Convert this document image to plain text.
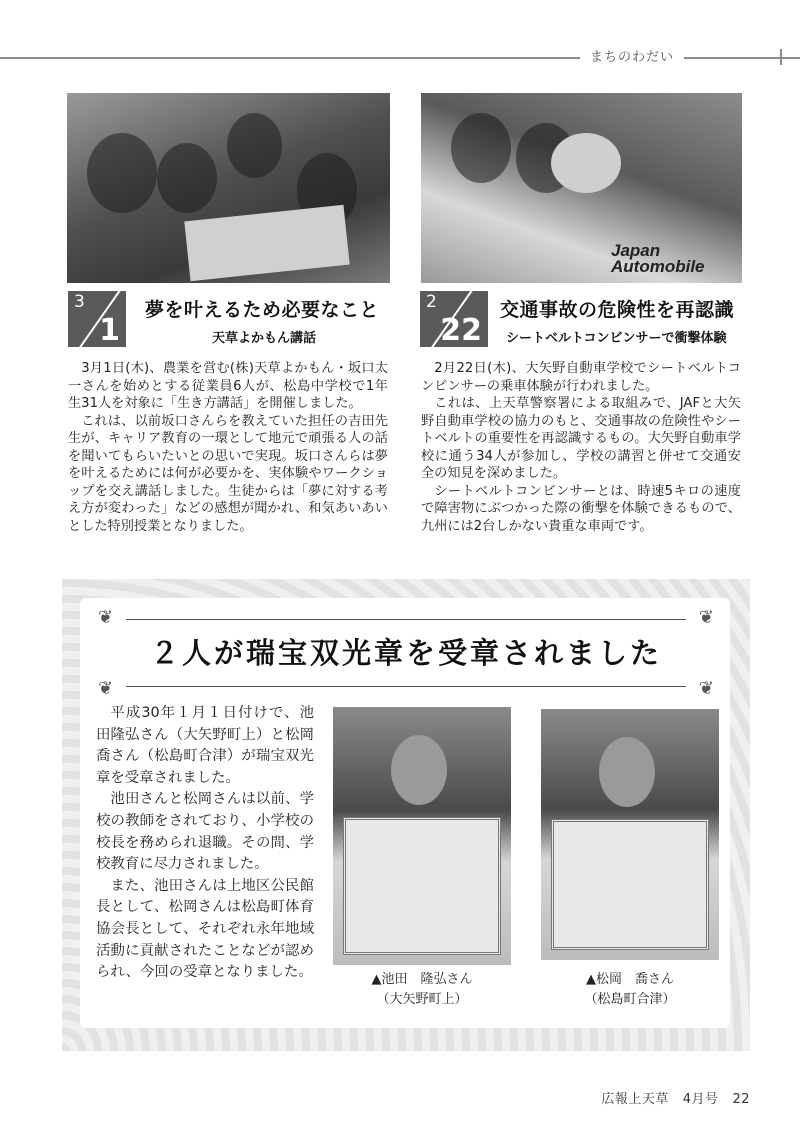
まちのわだい
Japan
Automobile
3
1
夢を叶えるため必要なこと
天草よかもん講話
2
22
交通事故の危険性を再認識
シートベルトコンビンサーで衝撃体験

3月1日(木)、農業を営む(株)天草よかもん・坂口太一さんを始めとする従業員6人が、松島中学校で1年生31人を対象に「生き方講話」を開催しました。

これは、以前坂口さんらを教えていた担任の吉田先生が、キャリア教育の一環として地元で頑張る人の話を聞いてもらいたいとの思いで実現。坂口さんらは夢を叶えるためには何が必要かを、実体験やワークショップを交え講話しました。生徒からは「夢に対する考え方が変わった」などの感想が聞かれ、和気あいあいとした特別授業となりました。

2月22日(木)、大矢野自動車学校でシートベルトコンビンサーの乗車体験が行われました。

これは、上天草警察署による取組みで、JAFと大矢野自動車学校の協力のもと、交通事故の危険性やシートベルトの重要性を再認識するもの。大矢野自動車学校に通う34人が参加し、学校の講習と併せて交通安全の知見を深めました。

シートベルトコンビンサーとは、時速5キロの速度で障害物にぶつかった際の衝撃を体験できるもので、九州には2台しかない貴重な車両です。

❦	❦
❦	❦
２人が瑞宝双光章を受章されました

平成30年１月１日付けで、池田隆弘さん（大矢野町上）と松岡喬さん（松島町合津）が瑞宝双光章を受章されました。

池田さんと松岡さんは以前、学校の教師をされており、小学校の校長を務められ退職。その間、学校教育に尽力されました。

また、池田さんは上地区公民館長として、松岡さんは松島町体育協会長として、それぞれ永年地域活動に貢献されたことなどが認められ、今回の受章となりました。	▲池田　隆弘さん
（大矢野町上）
▲松岡　喬さん
（松島町合津）
広報上天草 4月号 22
